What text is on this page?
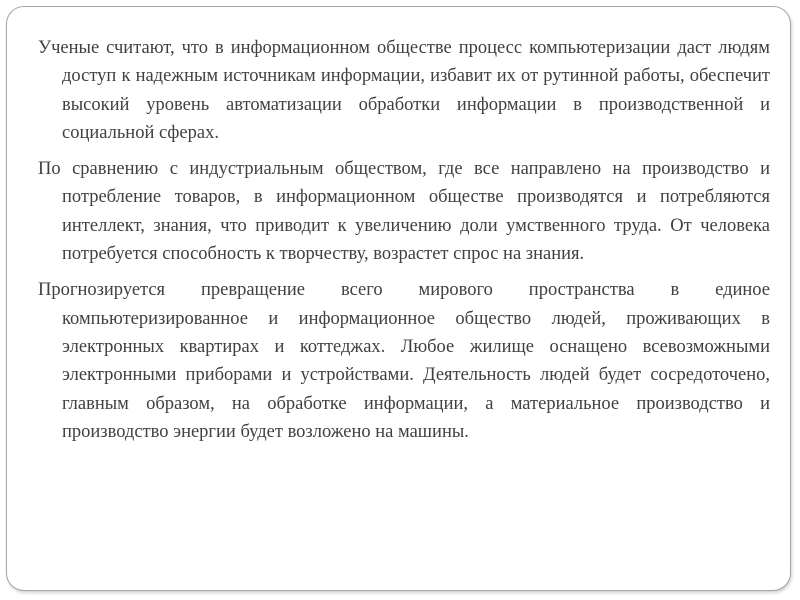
Ученые считают, что в информационном обществе процесс компьютеризации даст людям доступ к надежным источникам информации, избавит их от рутинной работы, обеспечит высокий уровень автоматизации обработки информации в производственной и социальной сферах.

По сравнению с индустриальным обществом, где все направлено на производство и потребление товаров, в информационном обществе производятся и потребляются интеллект, знания, что приводит к увеличению доли умственного труда. От человека потребуется способность к творчеству, возрастет спрос на знания.

Прогнозируется превращение всего мирового пространства в единое компьютеризированное и информационное общество людей, проживающих в электронных квартирах и коттеджах. Любое жилище оснащено всевозможными электронными приборами и устройствами. Деятельность людей будет сосредоточено, главным образом, на обработке информации, а материальное производство и производство энергии будет возложено на машины.
